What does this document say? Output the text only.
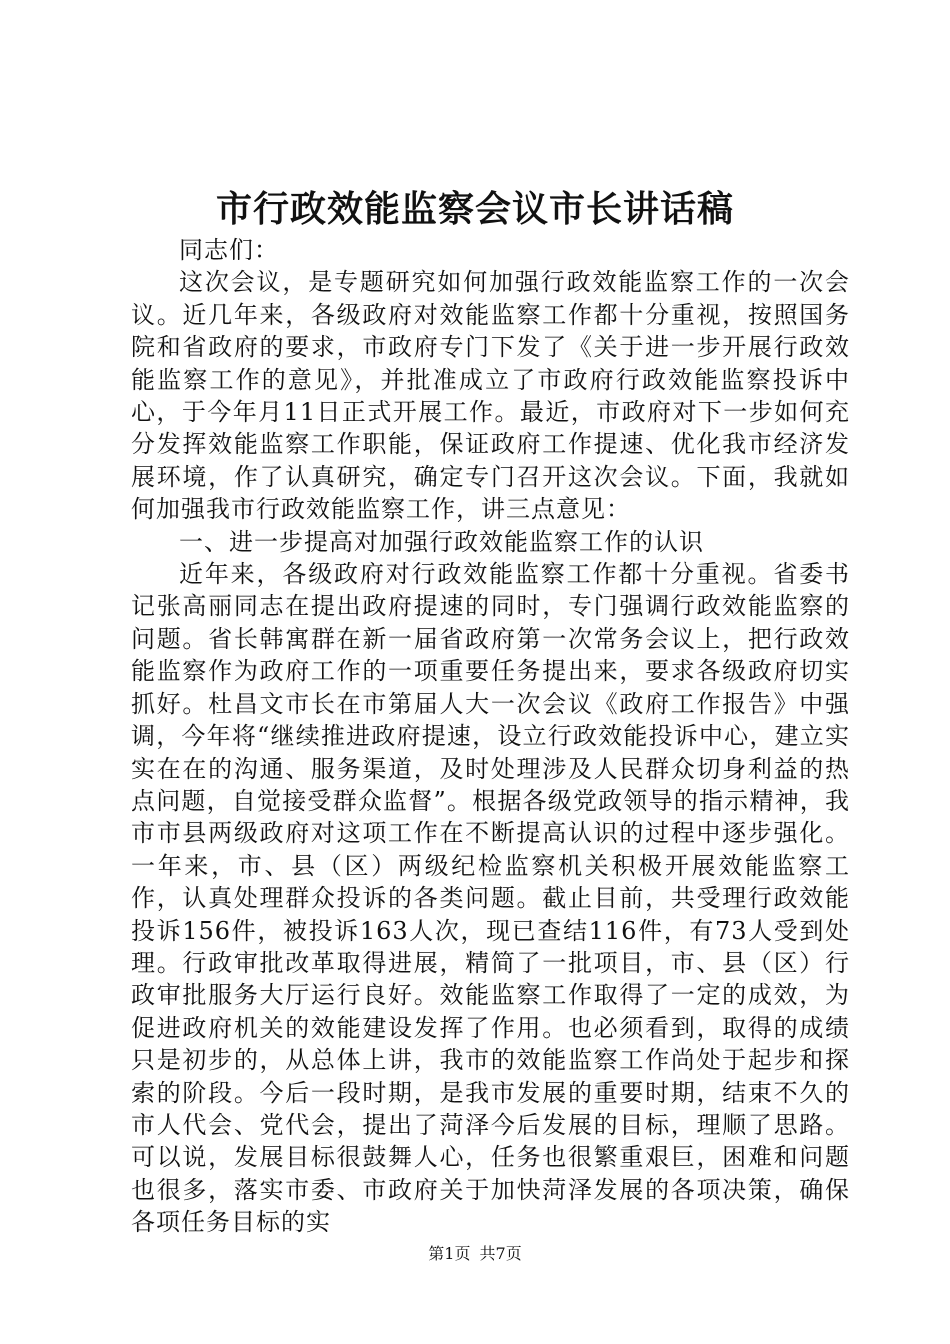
市行政效能监察会议市长讲话稿

同志们：

这次会议，是专题研究如何加强行政效能监察工作的一次会议。近几年来，各级政府对效能监察工作都十分重视，按照国务院和省政府的要求，市政府专门下发了《关于进一步开展行政效能监察工作的意见》，并批准成立了市政府行政效能监察投诉中心，于今年月11日正式开展工作。最近，市政府对下一步如何充分发挥效能监察工作职能，保证政府工作提速、优化我市经济发展环境，作了认真研究，确定专门召开这次会议。下面，我就如何加强我市行政效能监察工作，讲三点意见：

一、进一步提高对加强行政效能监察工作的认识

近年来，各级政府对行政效能监察工作都十分重视。省委书记张高丽同志在提出政府提速的同时，专门强调行政效能监察的问题。省长韩寓群在新一届省政府第一次常务会议上，把行政效能监察作为政府工作的一项重要任务提出来，要求各级政府切实抓好。杜昌文市长在市第届人大一次会议《政府工作报告》中强调，今年将“继续推进政府提速，设立行政效能投诉中心，建立实实在在的沟通、服务渠道，及时处理涉及人民群众切身利益的热点问题，自觉接受群众监督”。根据各级党政领导的指示精神，我市市县两级政府对这项工作在不断提高认识的过程中逐步强化。一年来，市、县（区）两级纪检监察机关积极开展效能监察工作，认真处理群众投诉的各类问题。截止目前，共受理行政效能投诉156件，被投诉163人次，现已查结116件，有73人受到处理。行政审批改革取得进展，精简了一批项目，市、县（区）行政审批服务大厅运行良好。效能监察工作取得了一定的成效，为促进政府机关的效能建设发挥了作用。也必须看到，取得的成绩只是初步的，从总体上讲，我市的效能监察工作尚处于起步和探索的阶段。今后一段时期，是我市发展的重要时期，结束不久的市人代会、党代会，提出了菏泽今后发展的目标，理顺了思路。可以说，发展目标很鼓舞人心，任务也很繁重艰巨，困难和问题也很多，落实市委、市政府关于加快菏泽发展的各项决策，确保各项任务目标的实

第1页 共7页
